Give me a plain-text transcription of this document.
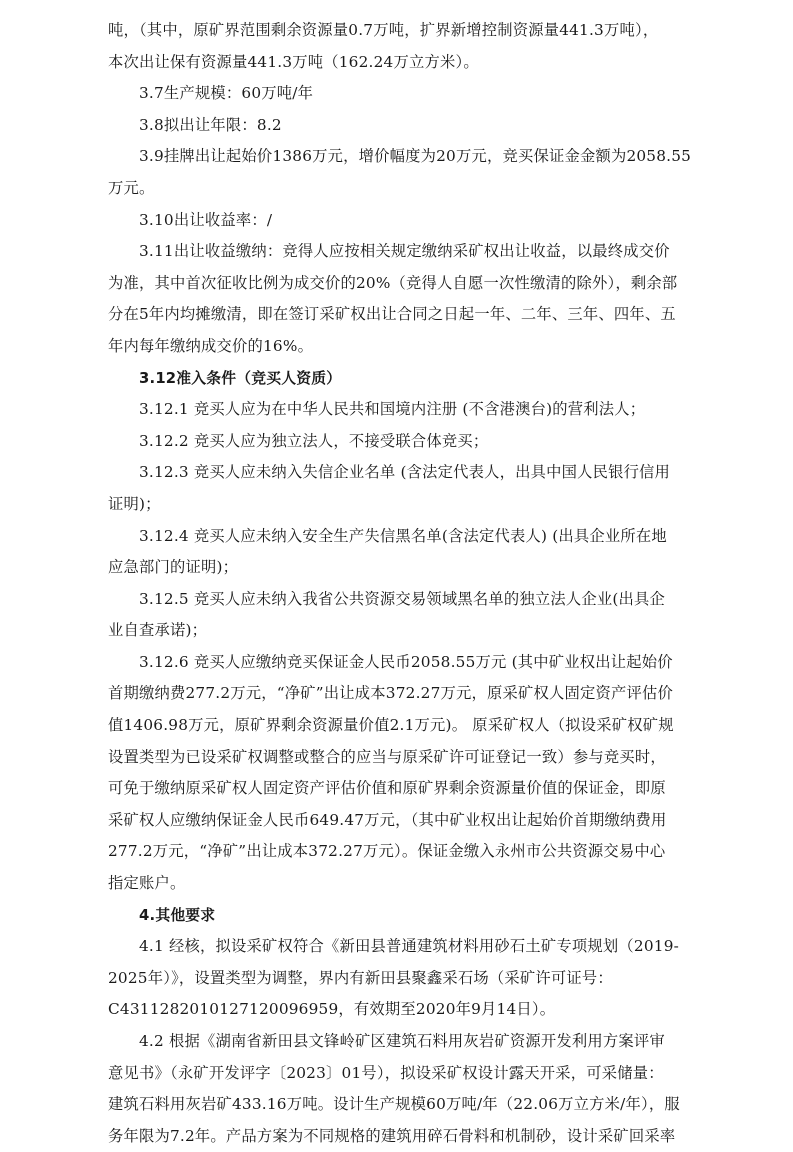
吨，（其中，原矿界范围剩余资源量0.7万吨，扩界新增控制资源量441.3万吨），
本次出让保有资源量441.3万吨（162.24万立方米）。
3.7生产规模：60万吨/年
3.8拟出让年限：8.2
3.9挂牌出让起始价1386万元，增价幅度为20万元，竞买保证金金额为2058.55
万元。
3.10出让收益率：/
3.11出让收益缴纳：竞得人应按相关规定缴纳采矿权出让收益，以最终成交价
为准，其中首次征收比例为成交价的20%（竞得人自愿一次性缴清的除外），剩余部
分在5年内均摊缴清，即在签订采矿权出让合同之日起一年、二年、三年、四年、五
年内每年缴纳成交价的16%。
3.12准入条件（竞买人资质）
3.12.1 竞买人应为在中华人民共和国境内注册 (不含港澳台)的营利法人；
3.12.2 竞买人应为独立法人，不接受联合体竞买；
3.12.3 竞买人应未纳入失信企业名单 (含法定代表人，出具中国人民银行信用
证明)；
3.12.4 竞买人应未纳入安全生产失信黑名单(含法定代表人) (出具企业所在地
应急部门的证明)；
3.12.5 竞买人应未纳入我省公共资源交易领域黑名单的独立法人企业(出具企
业自查承诺)；
3.12.6 竞买人应缴纳竞买保证金人民币2058.55万元 (其中矿业权出让起始价
首期缴纳费277.2万元，“净矿”出让成本372.27万元，原采矿权人固定资产评估价
值1406.98万元，原矿界剩余资源量价值2.1万元)。 原采矿权人（拟设采矿权矿规
设置类型为已设采矿权调整或整合的应当与原采矿许可证登记一致）参与竞买时，
可免于缴纳原采矿权人固定资产评估价值和原矿界剩余资源量价值的保证金，即原
采矿权人应缴纳保证金人民币649.47万元，（其中矿业权出让起始价首期缴纳费用
277.2万元，“净矿”出让成本372.27万元）。保证金缴入永州市公共资源交易中心
指定账户。
4.其他要求
4.1 经核，拟设采矿权符合《新田县普通建筑材料用砂石土矿专项规划（2019-
2025年）》，设置类型为调整，界内有新田县聚鑫采石场（采矿许可证号：
C4311282010127120096959，有效期至2020年9月14日）。
4.2 根据《湖南省新田县文锋岭矿区建筑石料用灰岩矿资源开发利用方案评审
意见书》（永矿开发评字〔2023〕01号），拟设采矿权设计露天开采，可采储量：
建筑石料用灰岩矿433.16万吨。设计生产规模60万吨/年（22.06万立方米/年），服
务年限为7.2年。产品方案为不同规格的建筑用碎石骨料和机制砂，设计采矿回采率
